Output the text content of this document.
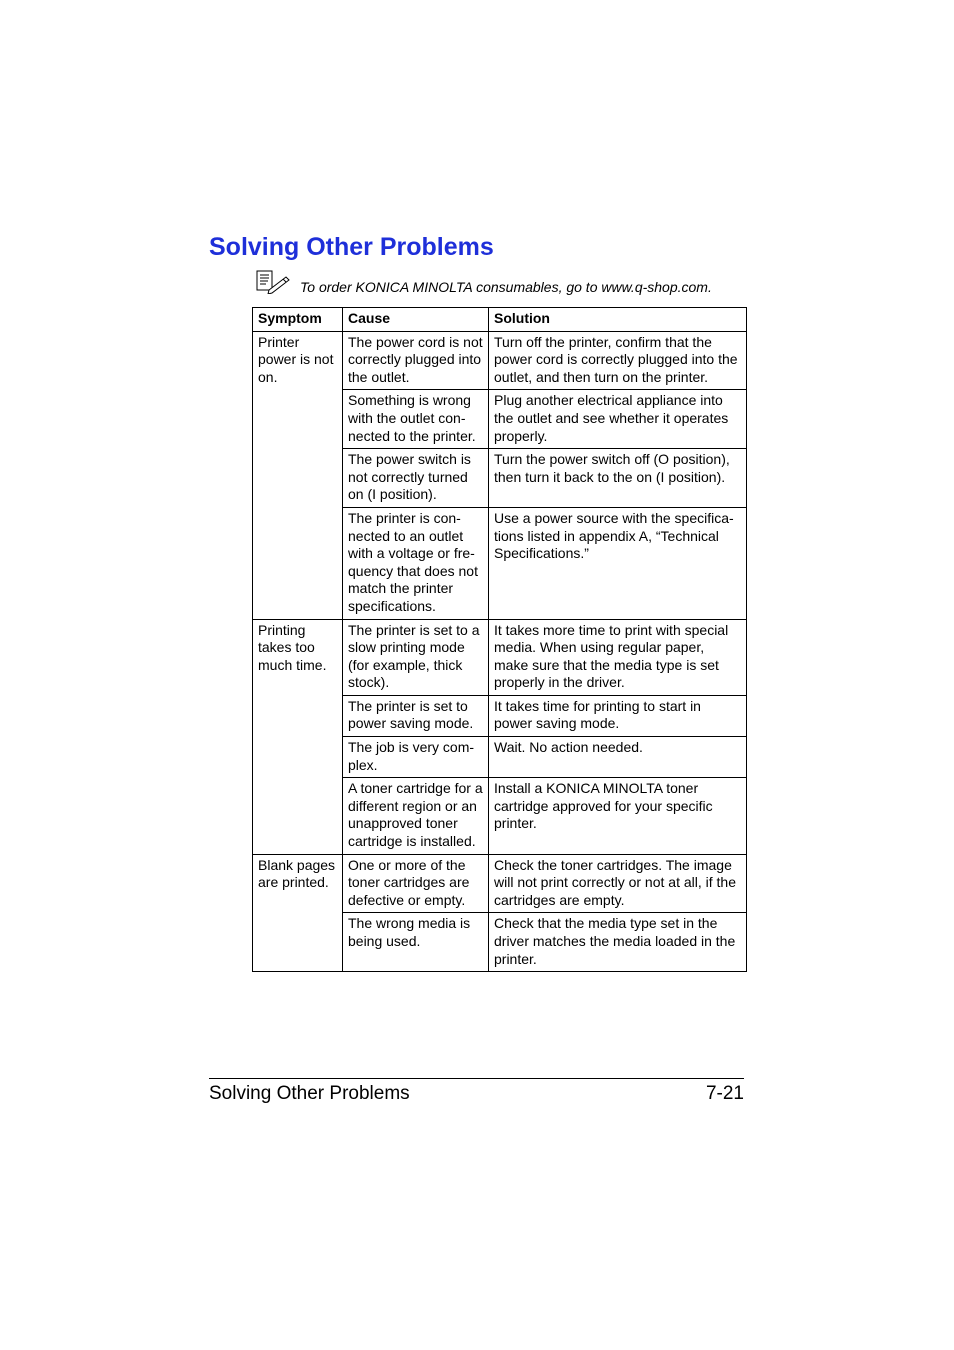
Solving Other Problems
To order KONICA MINOLTA consumables, go to www.q-shop.com.
Symptom	Cause	Solution
Printer power is not on.	The power cord is not correctly plugged into the outlet.	Turn off the printer, confirm that the power cord is correctly plugged into the outlet, and then turn on the printer.
	Something is wrong with the outlet con-nected to the printer.	Plug another electrical appliance into the outlet and see whether it operates properly.
	The power switch is not correctly turned on (I position).	Turn the power switch off (O position), then turn it back to the on (I position).
	The printer is con-nected to an outlet with a voltage or fre-quency that does not match the printer specifications.	Use a power source with the specifica-tions listed in appendix A, “Technical Specifications.”
Printing takes too much time.	The printer is set to a slow printing mode (for example, thick stock).	It takes more time to print with special media. When using regular paper, make sure that the media type is set properly in the driver.
	The printer is set to power saving mode.	It takes time for printing to start in power saving mode.
	The job is very com-plex.	Wait. No action needed.
	A toner cartridge for a different region or an unapproved toner cartridge is installed.	Install a KONICA MINOLTA toner cartridge approved for your specific printer.
Blank pages are printed.	One or more of the toner cartridges are defective or empty.	Check the toner cartridges. The image will not print correctly or not at all, if the cartridges are empty.
	The wrong media is being used.	Check that the media type set in the driver matches the media loaded in the printer.
Solving Other Problems	7-21
